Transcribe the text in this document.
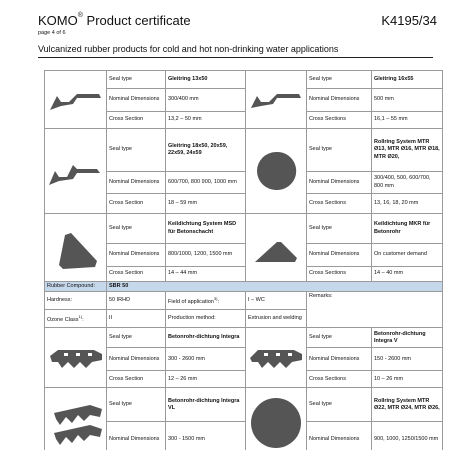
KOMO® Product certificate	K4195/34
page 4 of 6
Vulcanized rubber products for cold and hot non-drinking water applications
	Seal type	Gleitring 13x50		Seal type	Gleitring 16x55
	Nominal Dimensions	300/400 mm		Nominal Dimensions	500 mm
	Cross Section	13,2 – 50 mm		Cross Sections	16,1 – 55 mm

	Seal type	Gleitring 18x50, 20x59, 22x59, 24x59		Seal type	Rollring System MTR Ø13, MTR Ø16, MTR Ø18, MTR Ø20,
	Nominal Dimensions	600/700, 800 900, 1000 mm		Nominal Dimensions	300/400, 500, 600/700, 800 mm
	Cross Section	18 – 59 mm		Cross Sections	13, 16, 18, 20 mm

	Seal type	Keildichtung System MSD für Betonschacht		Seal type	Keildichtung MKR für Betonrohr
	Nominal Dimensions	800/1000, 1200, 1500 mm		Nominal Dimensions	On customer demand
	Cross Section	14 – 44 mm		Cross Sections	14 – 40 mm
Rubber Compound:	SBR 50				
Hardness:	50 IRHD	Field of application$^{3)}$:	I – WC	Remarks:	
Ozone Class$^{1)}$:	II	Production method:	Extrusion and welding		

	Seal type	Betonrohr-dichtung Integra		Seal type	Betonrohr-dichtung Integra V
	Nominal Dimensions	300 - 2600 mm		Nominal Dimensions	150 - 2600 mm
	Cross Section	12 – 26 mm		Cross Sections	10 – 26 mm

	Seal type	Betonrohr-dichtung Integra VL		Seal type	Rollring System MTR Ø22, MTR Ø24, MTR Ø26,
	Nominal Dimensions	300 - 1500 mm		Nominal Dimensions	900, 1000, 1250/1500 mm
